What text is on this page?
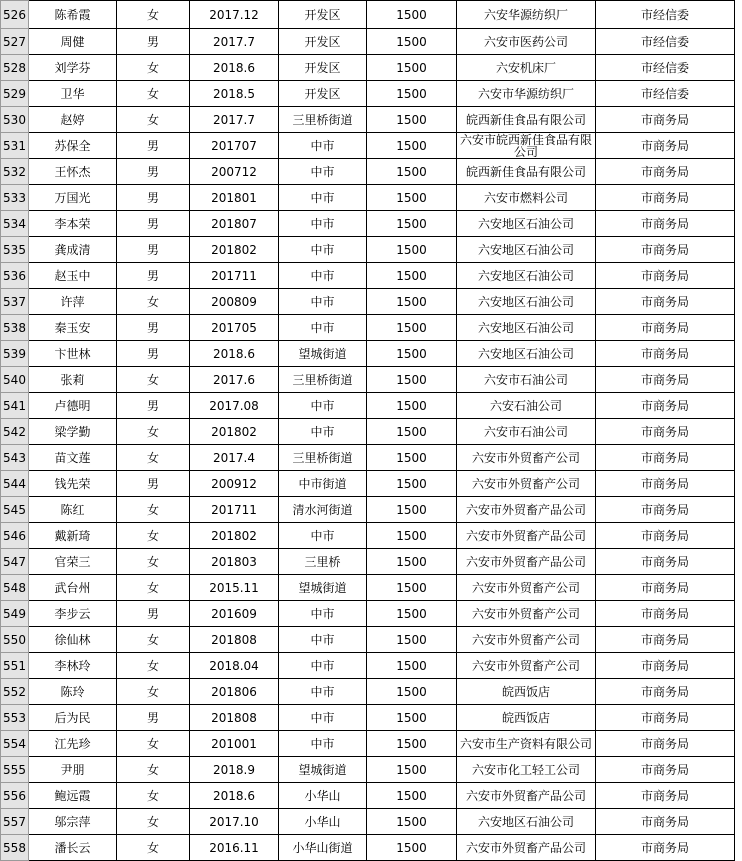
526	陈希霞	女	2017.12	开发区	1500	六安华源纺织厂	市经信委
527	周健	男	2017.7	开发区	1500	六安市医药公司	市经信委
528	刘学芬	女	2018.6	开发区	1500	六安机床厂	市经信委
529	卫华	女	2018.5	开发区	1500	六安市华源纺织厂	市经信委
530	赵婷	女	2017.7	三里桥街道	1500	皖西新佳食品有限公司	市商务局
531	苏保全	男	201707	中市	1500	六安市皖西新佳食品有限公司	市商务局
532	王怀杰	男	200712	中市	1500	皖西新佳食品有限公司	市商务局
533	万国光	男	201801	中市	1500	六安市燃料公司	市商务局
534	李本荣	男	201807	中市	1500	六安地区石油公司	市商务局
535	龚成清	男	201802	中市	1500	六安地区石油公司	市商务局
536	赵玉中	男	201711	中市	1500	六安地区石油公司	市商务局
537	许萍	女	200809	中市	1500	六安地区石油公司	市商务局
538	秦玉安	男	201705	中市	1500	六安地区石油公司	市商务局
539	卞世林	男	2018.6	望城街道	1500	六安地区石油公司	市商务局
540	张莉	女	2017.6	三里桥街道	1500	六安市石油公司	市商务局
541	卢德明	男	2017.08	中市	1500	六安石油公司	市商务局
542	梁学勤	女	201802	中市	1500	六安市石油公司	市商务局
543	苗文莲	女	2017.4	三里桥街道	1500	六安市外贸畜产公司	市商务局
544	钱先荣	男	200912	中市街道	1500	六安市外贸畜产公司	市商务局
545	陈红	女	201711	清水河街道	1500	六安市外贸畜产品公司	市商务局
546	戴新琦	女	201802	中市	1500	六安市外贸畜产品公司	市商务局
547	官荣三	女	201803	三里桥	1500	六安市外贸畜产品公司	市商务局
548	武台州	女	2015.11	望城街道	1500	六安市外贸畜产公司	市商务局
549	李步云	男	201609	中市	1500	六安市外贸畜产公司	市商务局
550	徐仙林	女	201808	中市	1500	六安市外贸畜产公司	市商务局
551	李林玲	女	2018.04	中市	1500	六安市外贸畜产公司	市商务局
552	陈玲	女	201806	中市	1500	皖西饭店	市商务局
553	后为民	男	201808	中市	1500	皖西饭店	市商务局
554	江先珍	女	201001	中市	1500	六安市生产资料有限公司	市商务局
555	尹朋	女	2018.9	望城街道	1500	六安市化工轻工公司	市商务局
556	鲍远霞	女	2018.6	小华山	1500	六安市外贸畜产品公司	市商务局
557	邬宗萍	女	2017.10	小华山	1500	六安地区石油公司	市商务局
558	潘长云	女	2016.11	小华山街道	1500	六安市外贸畜产品公司	市商务局
